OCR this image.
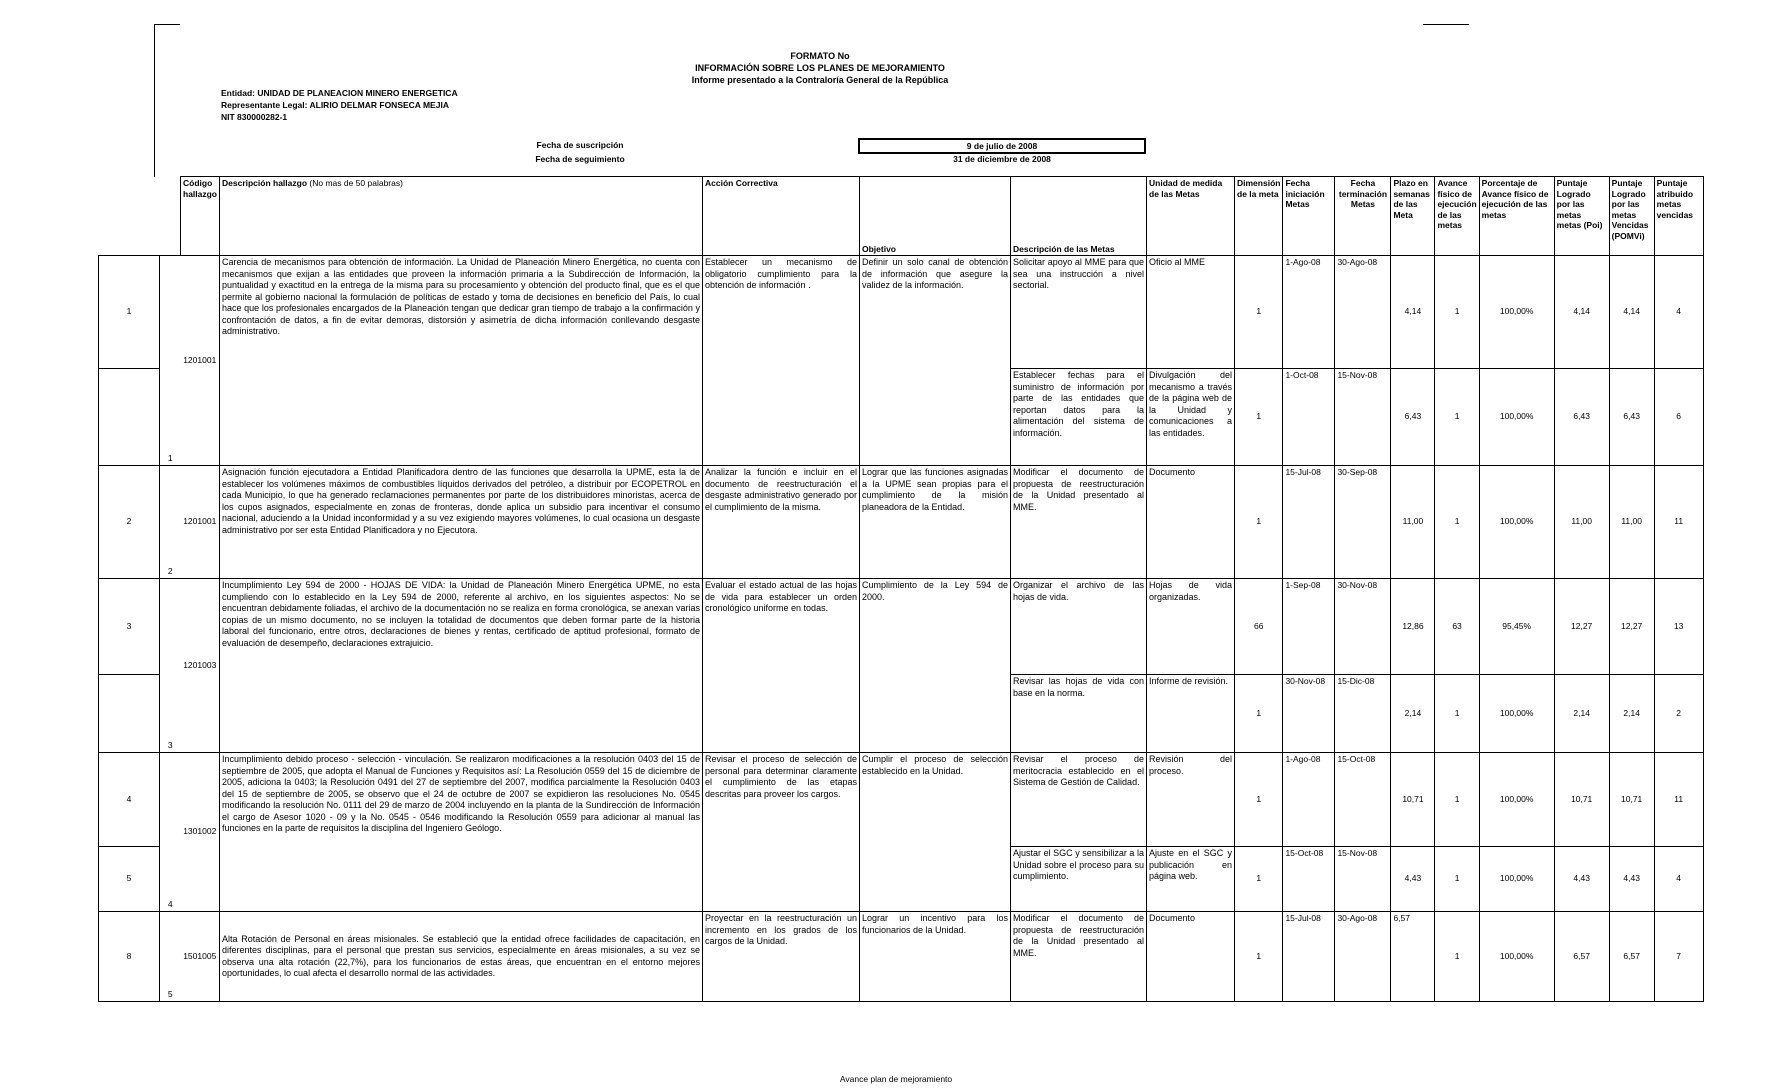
FORMATO No
INFORMACIÓN SOBRE LOS PLANES DE MEJORAMIENTO
Informe presentado a la Contraloría General de la República
Entidad: UNIDAD DE PLANEACION MINERO ENERGETICA
Representante Legal: ALIRIO DELMAR FONSECA MEJIA
NIT 830000282-1
Fecha de suscripción	9 de julio de 2008
Fecha de seguimiento	31 de diciembre de 2008
		Código hallazgo	Descripción hallazgo (No mas de 50 palabras)	Acción Correctiva	Objetivo	Descripción de las Metas	Unidad de medida de las Metas	Dimensión de la meta	Fecha iniciación Metas	Fecha terminación Metas	Plazo en semanas de las Meta	Avance físico de ejecución de las metas	Porcentaje de Avance físico de ejecución de las metas	Puntaje Logrado por las metas metas (Poi)	Puntaje Logrado por las metas Vencidas (POMVi)	Puntaje atribuido metas vencidas
1	1	1201001	Carencia de mecanismos para obtención de información. La Unidad de Planeación Minero Energética, no cuenta con mecanismos que exijan a las entidades que proveen la información primaria a la Subdirección de Información, la puntualidad y exactitud en la entrega de la misma para su procesamiento y obtención del producto final, que es el que permite al gobierno nacional la formulación de políticas de estado y toma de decisiones en beneficio del País, lo cual hace que los profesionales encargados de la Planeación tengan que dedicar gran tiempo de trabajo a la confirmación y confrontación de datos, a fin de evitar demoras, distorsión y asimetría de dicha información conllevando desgaste administrativo.	Establecer un mecanismo de obligatorio cumplimiento para la obtención de información .	Definir un solo canal de obtención de información que asegure la validez de la información.	Solicitar apoyo al MME para que sea una instrucción a nivel sectorial.	Oficio al MME	1	1-Ago-08	30-Ago-08	4,14	1	100,00%	4,14	4,14	4
						Establecer fechas para el suministro de información por parte de las entidades que reportan datos para la alimentación del sistema de información.	Divulgación del mecanismo a través de la página web de la Unidad y comunicaciones a las entidades.	1	1-Oct-08	15-Nov-08	6,43	1	100,00%	6,43	6,43	6
2	2	1201001	Asignación función ejecutadora a Entidad Planificadora dentro de las funciones que desarrolla la UPME, esta la de establecer los volúmenes máximos de combustibles líquidos derivados del petróleo, a distribuir por ECOPETROL en cada Municipio, lo que ha generado reclamaciones permanentes por parte de los distribuidores minoristas, acerca de los cupos asignados, especialmente en zonas de fronteras, donde aplica un subsidio para incentivar el consumo nacional, aduciendo a la Unidad inconformidad y a su vez exigiendo mayores volúmenes, lo cual ocasiona un desgaste administrativo por ser esta Entidad Planificadora y no Ejecutora.	Analizar la función e incluir en el documento de reestructuración el desgaste administrativo generado por el cumplimiento de la misma.	Lograr que las funciones asignadas a la UPME sean propias para el cumplimiento de la misión planeadora de la Entidad.	Modificar el documento de propuesta de reestructuración de la Unidad presentado al MME.	Documento	1	15-Jul-08	30-Sep-08	11,00	1	100,00%	11,00	11,00	11
3	3	1201003	Incumplimiento Ley 594 de 2000 - HOJAS DE VIDA: la Unidad de Planeación Minero Energética UPME, no esta cumpliendo con lo establecido en la Ley 594 de 2000, referente al archivo, en los siguientes aspectos: No se encuentran debidamente foliadas, el archivo de la documentación no se realiza en forma cronológica, se anexan varias copias de un mismo documento, no se incluyen la totalidad de documentos que deben formar parte de la historia laboral del funcionario, entre otros, declaraciones de bienes y rentas, certificado de aptitud profesional, formato de evaluación de desempeño, declaraciones extrajuicio.	Evaluar el estado actual de las hojas de vida para establecer un orden cronológico uniforme en todas.	Cumplimiento de la Ley 594 de 2000.	Organizar el archivo de las hojas de vida.	Hojas de vida organizadas.	66	1-Sep-08	30-Nov-08	12,86	63	95,45%	12,27	12,27	13
						Revisar las hojas de vida con base en la norma.	Informe de revisión.	1	30-Nov-08	15-Dic-08	2,14	1	100,00%	2,14	2,14	2
4	4	1301002	Incumplimiento debido proceso - selección - vinculación. Se realizaron modificaciones a la resolución 0403 del 15 de septiembre de 2005, que adopta el Manual de Funciones y Requisitos así: La Resolución 0559 del 15 de diciembre de 2005, adiciona la 0403; la Resolución 0491 del 27 de septiembre del 2007, modifica parcialmente la Resolución 0403 del 15 de septiembre de 2005, se observo que el 24 de octubre de 2007 se expidieron las resoluciones No. 0545 modificando la resolución No. 0111 del 29 de marzo de 2004 incluyendo en la planta de la Sundirección de Información el cargo de Asesor 1020 - 09 y la No. 0545 - 0546 modificando la Resolución 0559 para adicionar al manual las funciones en la parte de requisitos la disciplina del Ingeniero Geólogo.	Revisar el proceso de selección de personal para determinar claramente el cumplimiento de las etapas descritas para proveer los cargos.	Cumplir el proceso de selección establecido en la Unidad.	Revisar el proceso de meritocracia establecido en el Sistema de Gestión de Calidad.	Revisión del proceso.	1	1-Ago-08	15-Oct-08	10,71	1	100,00%	10,71	10,71	11
5						Ajustar el SGC y sensibilizar a la Unidad sobre el proceso para su cumplimiento.	Ajuste en el SGC y publicación en página web.	1	15-Oct-08	15-Nov-08	4,43	1	100,00%	4,43	4,43	4
8	5	1501005	Alta Rotación de Personal en áreas misionales. Se estableció que la entidad ofrece facilidades de capacitación, en diferentes disciplinas, para el personal que prestan sus servicios, especialmente en áreas misionales, a su vez se observa una alta rotación (22,7%), para los funcionarios de estas áreas, que encuentran en el entorno mejores oportunidades, lo cual afecta el desarrollo normal de las actividades.	Proyectar en la reestructuración un incremento en los grados de los cargos de la Unidad.	Lograr un incentivo para los funcionarios de la Unidad.	Modificar el documento de propuesta de reestructuración de la Unidad presentado al MME.	Documento	1	15-Jul-08	30-Ago-08	6,57	1	100,00%	6,57	6,57	7
Avance plan de mejoramiento
